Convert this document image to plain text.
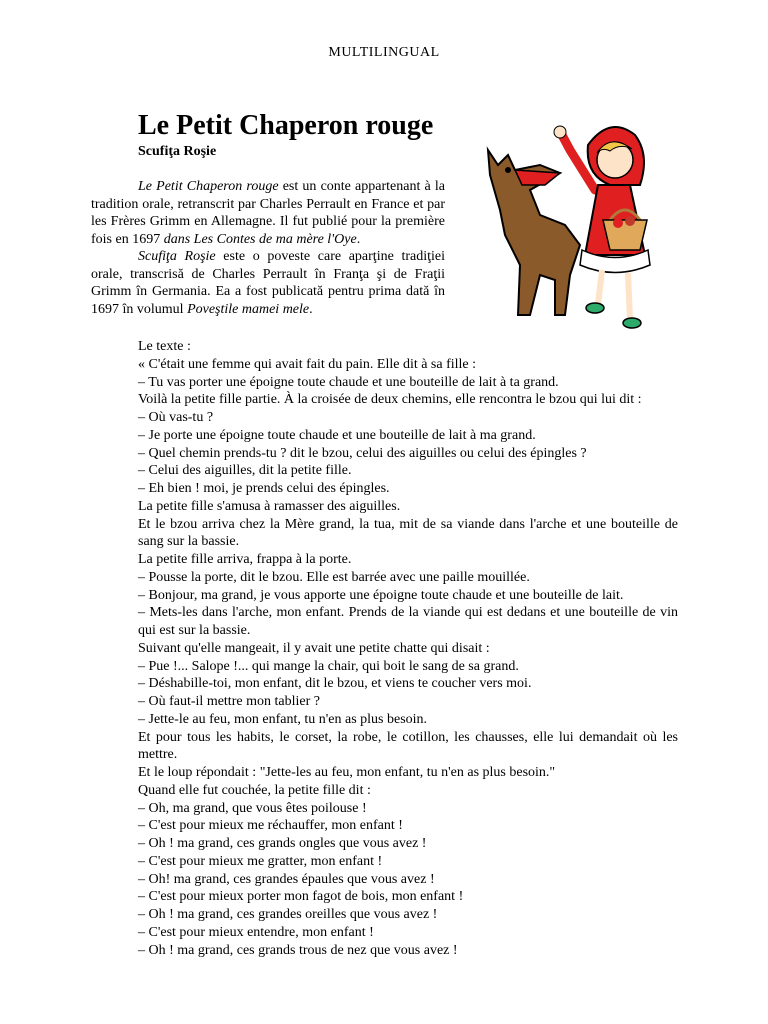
MULTILINGUAL
Le Petit Chaperon rouge
Scufiţa Roşie

Le Petit Chaperon rouge est un conte appartenant à la tradition orale, retranscrit par Charles Perrault en France et par les Frères Grimm en Allemagne. Il fut publié pour la première fois en 1697 dans Les Contes de ma mère l'Oye.

Scufiţa Roşie este o poveste care aparţine tradiţiei orale, transcrisă de Charles Perrault în Franţa şi de Fraţii Grimm în Germania. Ea a fost publicată pentru prima dată în 1697 în volumul Poveştile mamei mele.

Le texte :
« C'était une femme qui avait fait du pain. Elle dit à sa fille :
– Tu vas porter une époigne toute chaude et une bouteille de lait à ta grand.
Voilà la petite fille partie. À la croisée de deux chemins, elle rencontra le bzou qui lui dit :
– Où vas-tu ?
– Je porte une époigne toute chaude et une bouteille de lait à ma grand.
– Quel chemin prends-tu ? dit le bzou, celui des aiguilles ou celui des épingles ?
– Celui des aiguilles, dit la petite fille.
– Eh bien ! moi, je prends celui des épingles.
La petite fille s'amusa à ramasser des aiguilles.
Et le bzou arriva chez la Mère grand, la tua, mit de sa viande dans l'arche et une bouteille de sang sur la bassie.
La petite fille arriva, frappa à la porte.
– Pousse la porte, dit le bzou. Elle est barrée avec une paille mouillée.
– Bonjour, ma grand, je vous apporte une époigne toute chaude et une bouteille de lait.
– Mets-les dans l'arche, mon enfant. Prends de la viande qui est dedans et une bouteille de vin qui est sur la bassie.
Suivant qu'elle mangeait, il y avait une petite chatte qui disait :
– Pue !... Salope !... qui mange la chair, qui boit le sang de sa grand.
– Déshabille-toi, mon enfant, dit le bzou, et viens te coucher vers moi.
– Où faut-il mettre mon tablier ?
– Jette-le au feu, mon enfant, tu n'en as plus besoin.
Et pour tous les habits, le corset, la robe, le cotillon, les chausses, elle lui demandait où les mettre.
Et le loup répondait : "Jette-les au feu, mon enfant, tu n'en as plus besoin."
Quand elle fut couchée, la petite fille dit :
– Oh, ma grand, que vous êtes poilouse !
– C'est pour mieux me réchauffer, mon enfant !
– Oh ! ma grand, ces grands ongles que vous avez !
– C'est pour mieux me gratter, mon enfant !
– Oh! ma grand, ces grandes épaules que vous avez !
– C'est pour mieux porter mon fagot de bois, mon enfant !
– Oh ! ma grand, ces grandes oreilles que vous avez !
– C'est pour mieux entendre, mon enfant !
– Oh ! ma grand, ces grands trous de nez que vous avez !
